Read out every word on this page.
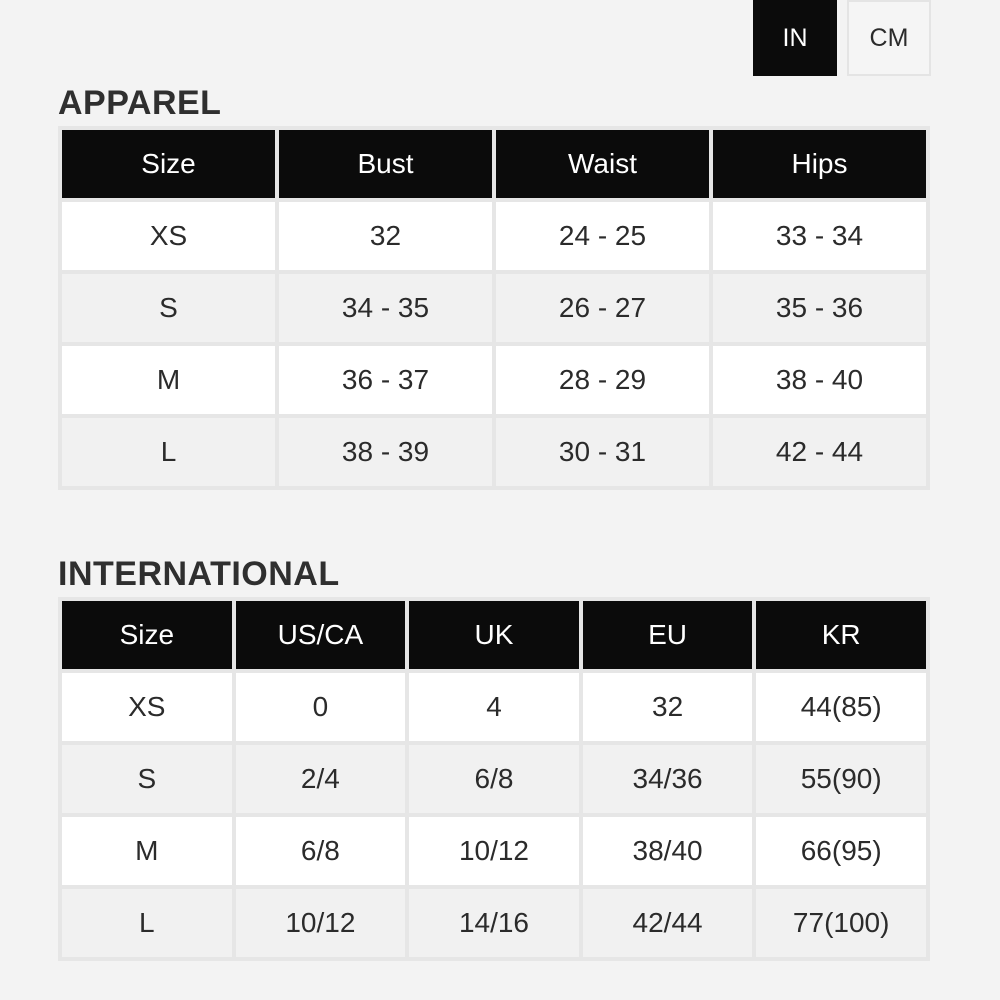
IN	CM
APPAREL
Size	Bust	Waist	Hips
XS	32	24 - 25	33 - 34
S	34 - 35	26 - 27	35 - 36
M	36 - 37	28 - 29	38 - 40
L	38 - 39	30 - 31	42 - 44
INTERNATIONAL
Size	US/CA	UK	EU	KR
XS	0	4	32	44(85)
S	2/4	6/8	34/36	55(90)
M	6/8	10/12	38/40	66(95)
L	10/12	14/16	42/44	77(100)
